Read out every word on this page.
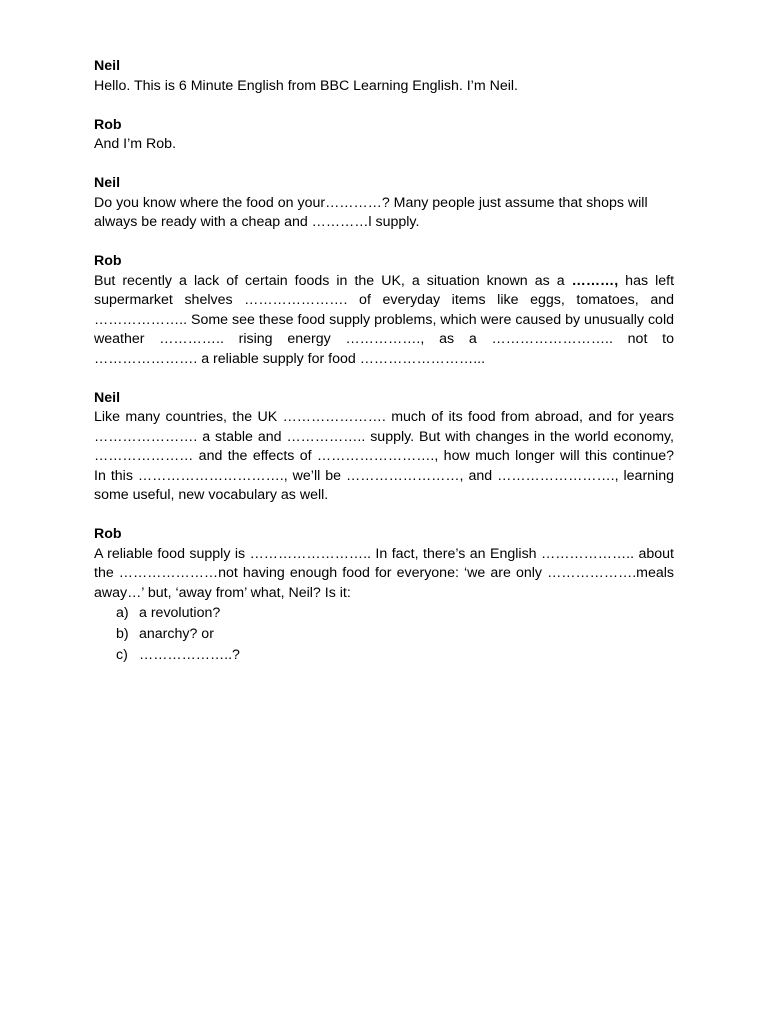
Neil
Hello. This is 6 Minute English from BBC Learning English. I’m Neil.
Rob
And I’m Rob.
Neil
Do you know where the food on your…………? Many people just assume that shops will always be ready with a cheap and …………l supply.
Rob
But recently a lack of certain foods in the UK, a situation known as a ………, has left supermarket shelves …………………. of everyday items like eggs, tomatoes, and ……………….. Some see these food supply problems, which were caused by unusually cold weather ………….. rising energy ……………., as a …………………….. not to …………………. a reliable supply for food ……………………...
Neil
Like many countries, the UK …………………. much of its food from abroad, and for years …………………. a stable and …………….. supply. But with changes in the world economy, ………………… and the effects of ……………………., how much longer will this continue? In this …………………………., we’ll be ……………………, and ……………………., learning some useful, new vocabulary as well.
Rob
A reliable food supply is …………………….. In fact, there’s an English ……………….. about the …………………not having enough food for everyone: ‘we are only ……………….meals away…’ but, ‘away from’ what, Neil? Is it:
a) a revolution?
b) anarchy? or
c) ………………..?
